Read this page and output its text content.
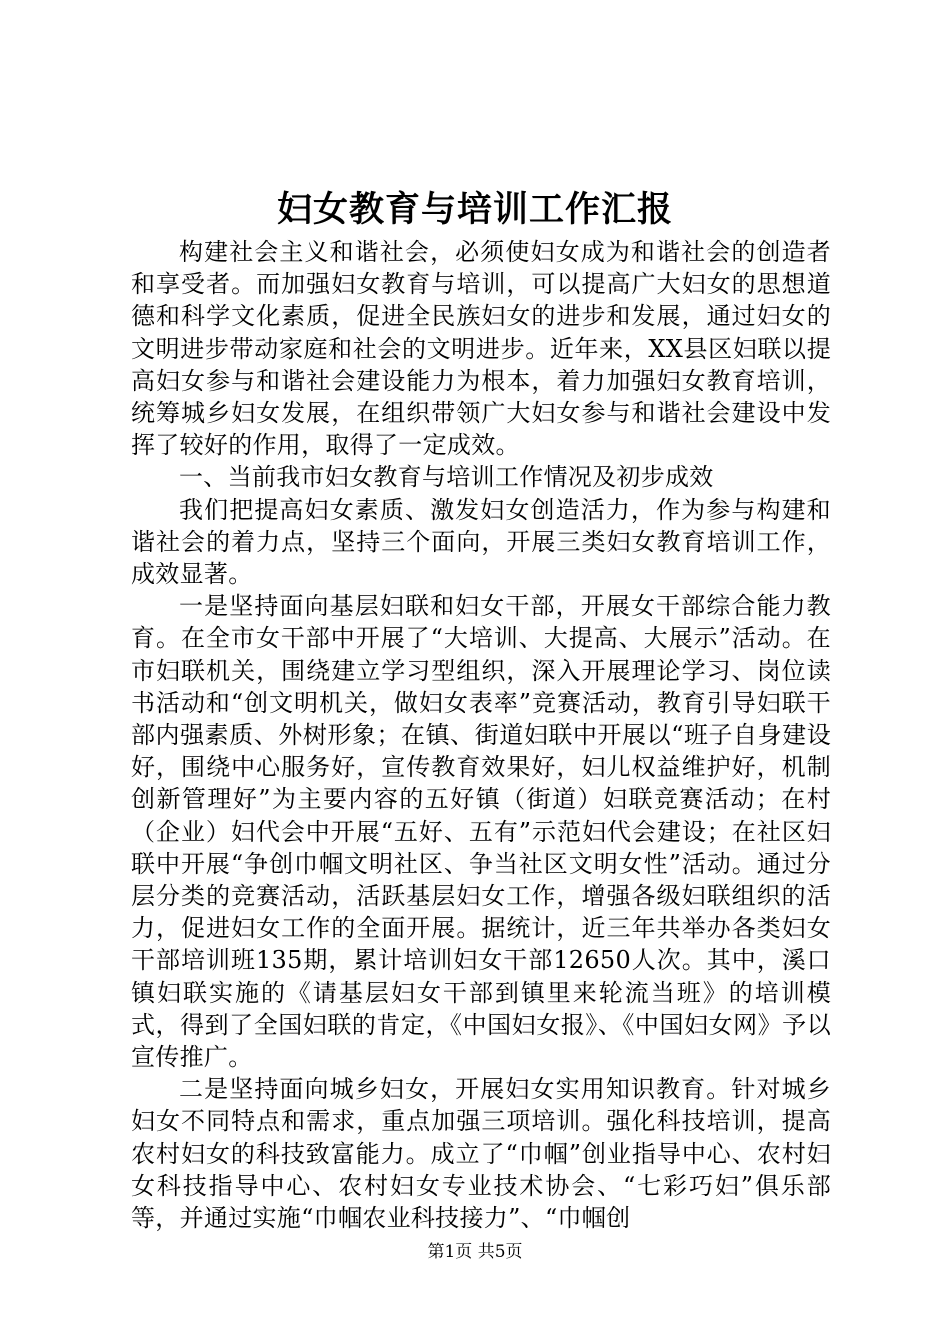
妇女教育与培训工作汇报

构建社会主义和谐社会，必须使妇女成为和谐社会的创造者和享受者。而加强妇女教育与培训，可以提高广大妇女的思想道德和科学文化素质，促进全民族妇女的进步和发展，通过妇女的文明进步带动家庭和社会的文明进步。近年来，XX县区妇联以提高妇女参与和谐社会建设能力为根本，着力加强妇女教育培训，统筹城乡妇女发展，在组织带领广大妇女参与和谐社会建设中发挥了较好的作用，取得了一定成效。

一、当前我市妇女教育与培训工作情况及初步成效

我们把提高妇女素质、激发妇女创造活力，作为参与构建和谐社会的着力点，坚持三个面向，开展三类妇女教育培训工作，成效显著。

一是坚持面向基层妇联和妇女干部，开展女干部综合能力教育。在全市女干部中开展了“大培训、大提高、大展示”活动。在市妇联机关，围绕建立学习型组织，深入开展理论学习、岗位读书活动和“创文明机关，做妇女表率”竞赛活动，教育引导妇联干部内强素质、外树形象；在镇、街道妇联中开展以“班子自身建设好，围绕中心服务好，宣传教育效果好，妇儿权益维护好，机制创新管理好”为主要内容的五好镇（街道）妇联竞赛活动；在村（企业）妇代会中开展“五好、五有”示范妇代会建设；在社区妇联中开展“争创巾帼文明社区、争当社区文明女性”活动。通过分层分类的竞赛活动，活跃基层妇女工作，增强各级妇联组织的活力，促进妇女工作的全面开展。据统计，近三年共举办各类妇女干部培训班135期，累计培训妇女干部12650人次。其中，溪口镇妇联实施的《请基层妇女干部到镇里来轮流当班》的培训模式，得到了全国妇联的肯定，《中国妇女报》、《中国妇女网》予以宣传推广。

二是坚持面向城乡妇女，开展妇女实用知识教育。针对城乡妇女不同特点和需求，重点加强三项培训。强化科技培训，提高农村妇女的科技致富能力。成立了“巾帼”创业指导中心、农村妇女科技指导中心、农村妇女专业技术协会、“七彩巧妇”俱乐部等，并通过实施“巾帼农业科技接力”、“巾帼创

第1页 共5页
